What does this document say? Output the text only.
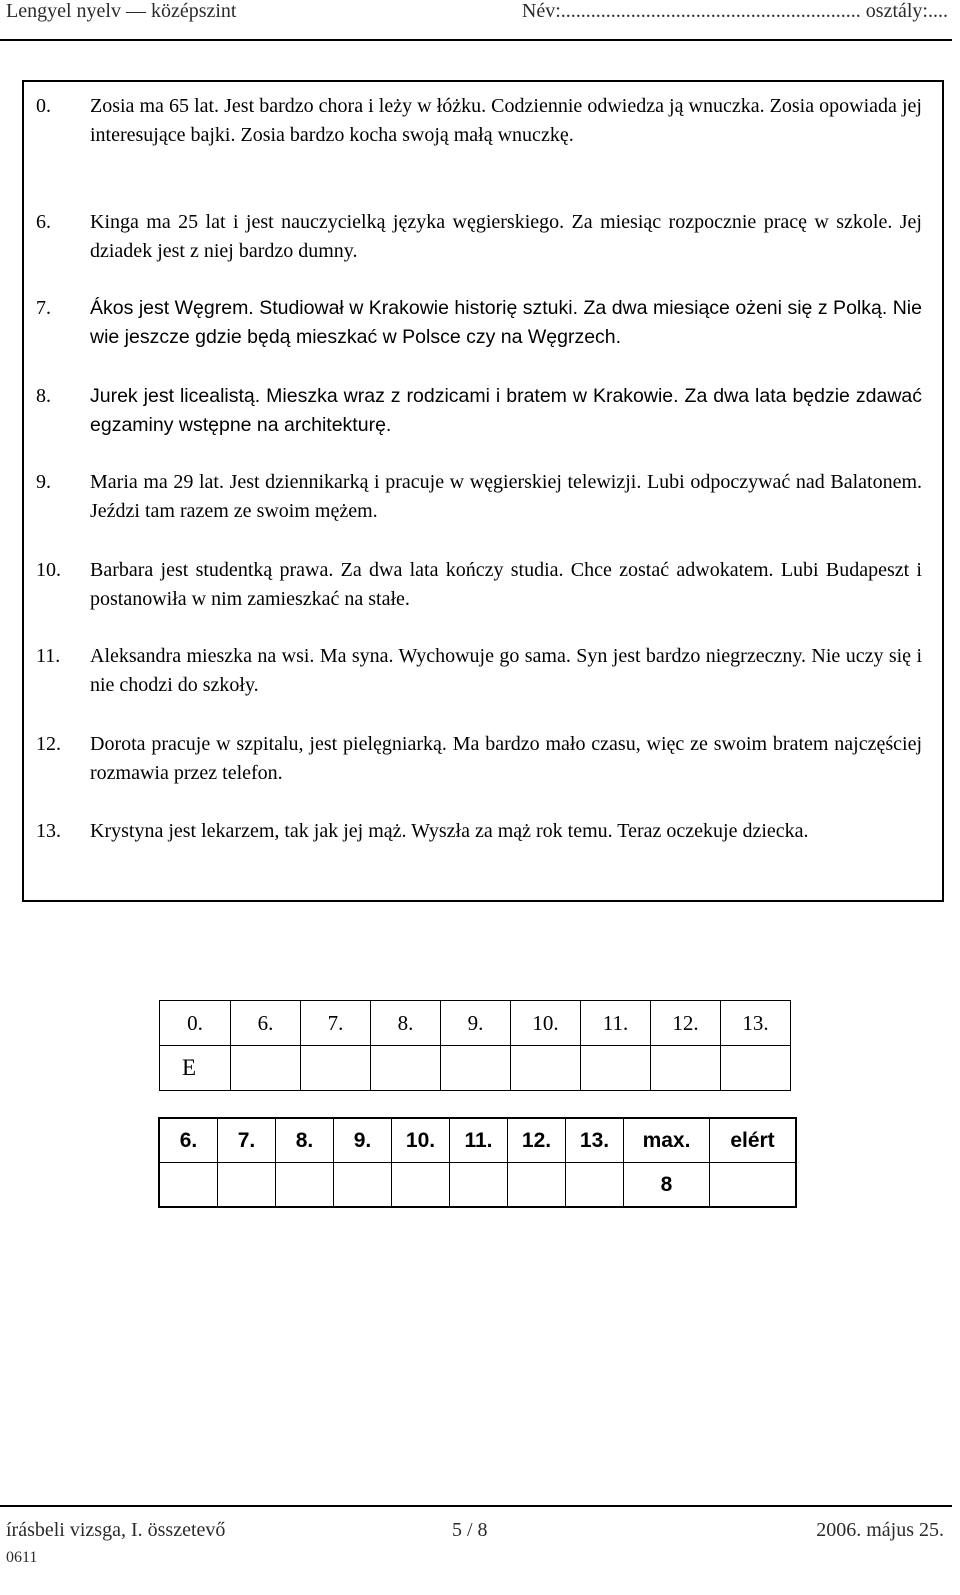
Lengyel nyelv — középszint	Név:............................................................ osztály:....
0. Zosia ma 65 lat. Jest bardzo chora i leży w łóżku. Codziennie odwiedza ją wnuczka. Zosia opowiada jej interesujące bajki. Zosia bardzo kocha swoją małą wnuczkę.
6. Kinga ma 25 lat i jest nauczycielką języka węgierskiego. Za miesiąc rozpocznie pracę w szkole. Jej dziadek jest z niej bardzo dumny.
7. Ákos jest Węgrem. Studiował w Krakowie historię sztuki. Za dwa miesiące ożeni się z Polką. Nie wie jeszcze gdzie będą mieszkać w Polsce czy na Węgrzech.
8. Jurek jest licealistą. Mieszka wraz z rodzicami i bratem w Krakowie. Za dwa lata będzie zdawać egzaminy wstępne na architekturę.
9. Maria ma 29 lat. Jest dziennikarką i pracuje w węgierskiej telewizji. Lubi odpoczywać nad Balatonem. Jeździ tam razem ze swoim mężem.
10. Barbara jest studentką prawa. Za dwa lata kończy studia. Chce zostać adwokatem. Lubi Budapeszt i postanowiła w nim zamieszkać na stałe.
11. Aleksandra mieszka na wsi. Ma syna. Wychowuje go sama. Syn jest bardzo niegrzeczny. Nie uczy się i nie chodzi do szkoły.
12. Dorota pracuje w szpitalu, jest pielęgniarką. Ma bardzo mało czasu, więc ze swoim bratem najczęściej rozmawia przez telefon.
13. Krystyna jest lekarzem, tak jak jej mąż. Wyszła za mąż rok temu. Teraz oczekuje dziecka.
0.	6.	7.	8.	9.	10.	11.	12.	13.
E								
6.	7.	8.	9.	10.	11.	12.	13.	max.	elért
								8	
írásbeli vizsga, I. összetevő	5 / 8	2006. május 25.
0611
